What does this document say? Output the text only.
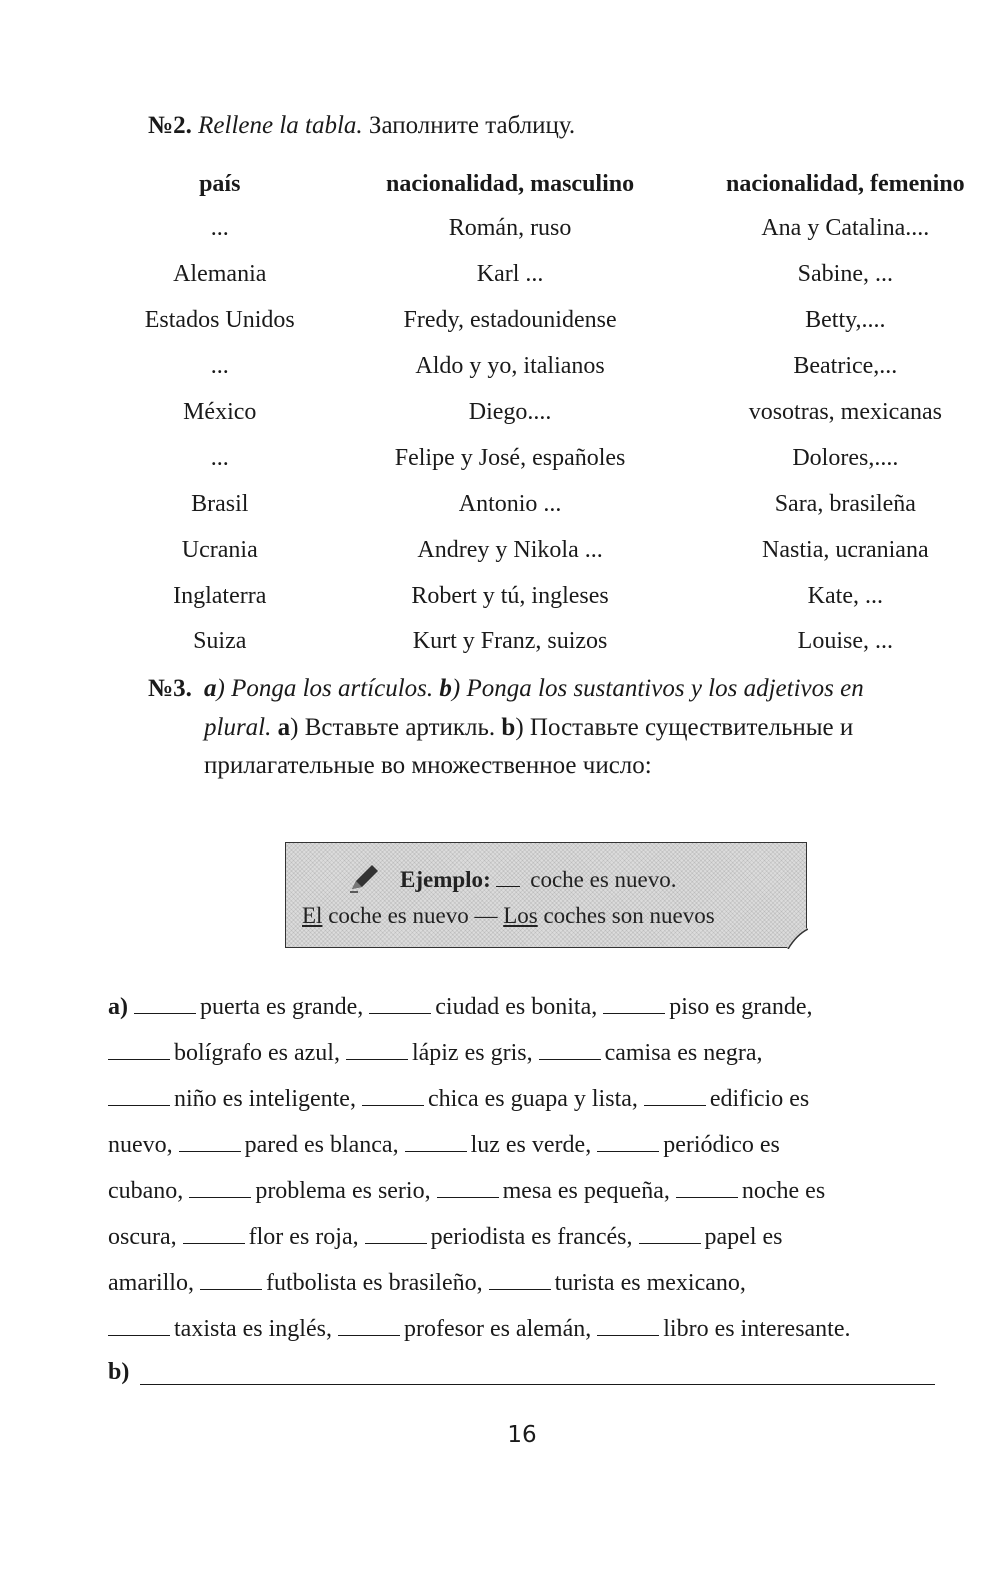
№2. Rellene la tabla. Заполните таблицу.
país	nacionalidad, masculino	nacionalidad, femenino
...	Román, ruso	Ana y Catalina....
Alemania	Karl ...	Sabine, ...
Estados Unidos	Fredy, estadounidense	Betty,....
...	Aldo y yo, italianos	Beatrice,...
México	Diego....	vosotras, mexicanas
...	Felipe y José, españoles	Dolores,....
Brasil	Antonio ...	Sara, brasileña
Ucrania	Andrey y Nikola ...	Nastia, ucraniana
Inglaterra	Robert y tú, ingleses	Kate, ...
Suiza	Kurt y Franz, suizos	Louise, ...
№3. a) Ponga los artículos. b) Ponga los sustantivos y los adjetivos en plural. a) Вставьте артикль. b) Поставьте существительные и прилагательные во множественное число:
Ejemplo: coche es nuevo.
El coche es nuevo — Los coches son nuevos
a)	puerta es grande,	ciudad es bonita,	piso es grande,
bolígrafo es azul,	lápiz es gris,	camisa es negra,
niño es inteligente,	chica es guapa y lista,	edificio es
nuevo,	pared es blanca,	luz es verde,	periódico es
cubano,	problema es serio,	mesa es pequeña,	noche es
oscura,	flor es roja,	periodista es francés,	papel es
amarillo,	futbolista es brasileño,	turista es mexicano,
taxista es inglés,	profesor es alemán,	libro es interesante.
b)
16
